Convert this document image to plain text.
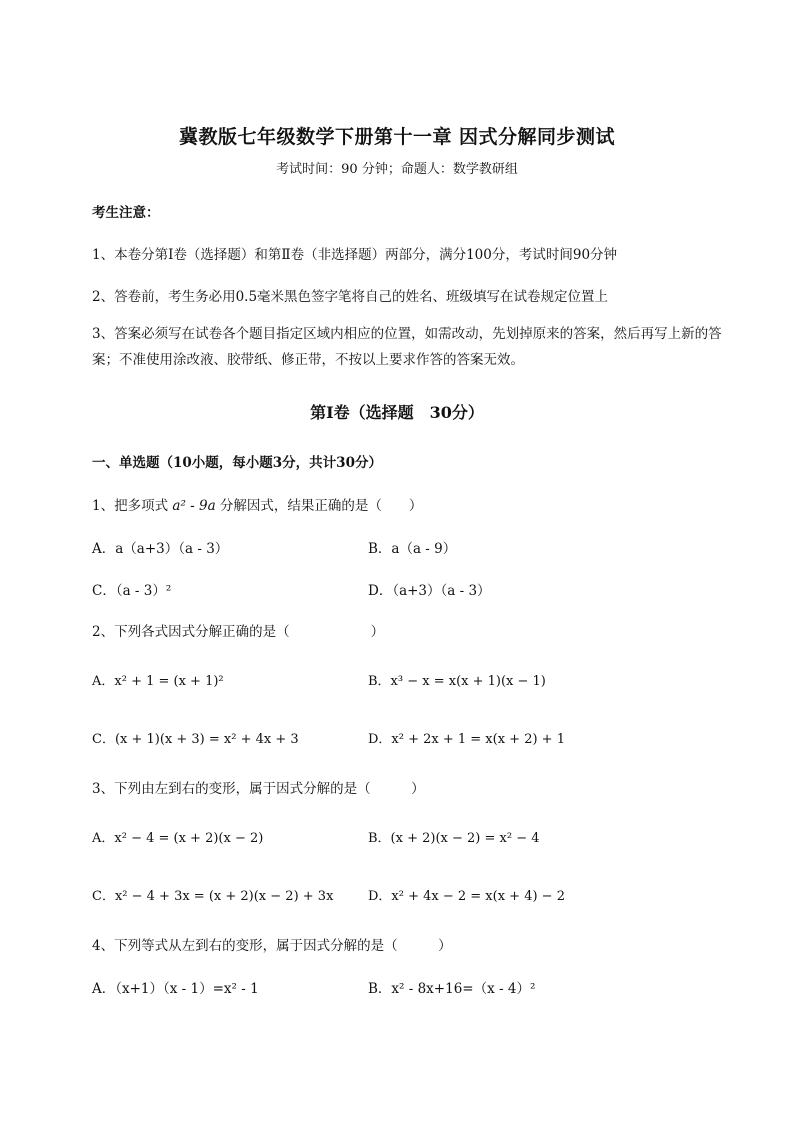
冀教版七年级数学下册第十一章 因式分解同步测试
考试时间：90 分钟；命题人：数学教研组
考生注意：
1、本卷分第Ⅰ卷（选择题）和第Ⅱ卷（非选择题）两部分，满分100分，考试时间90分钟
2、答卷前，考生务必用0.5毫米黑色签字笔将自己的姓名、班级填写在试卷规定位置上
3、答案必须写在试卷各个题目指定区域内相应的位置，如需改动，先划掉原来的答案，然后再写上新的答案；不准使用涂改液、胶带纸、修正带，不按以上要求作答的答案无效。
第Ⅰ卷（选择题　30分）
一、单选题（10小题，每小题3分，共计30分）
1、把多项式 a² - 9a 分解因式，结果正确的是（　　）
A．a（a+3）（a - 3）	B．a（a - 9）
C．（a - 3）²	D．（a+3）（a - 3）
2、下列各式因式分解正确的是（　　　　　　）
A．x² + 1 = (x + 1)²	B．x³ − x = x(x + 1)(x − 1)
C．(x + 1)(x + 3) = x² + 4x + 3	D．x² + 2x + 1 = x(x + 2) + 1
3、下列由左到右的变形，属于因式分解的是（　　　）
A．x² − 4 = (x + 2)(x − 2)	B．(x + 2)(x − 2) = x² − 4
C．x² − 4 + 3x = (x + 2)(x − 2) + 3x	D．x² + 4x − 2 = x(x + 4) − 2
4、下列等式从左到右的变形，属于因式分解的是（　　　）
A．（x+1）（x - 1）=x² - 1	B．x² - 8x+16=（x - 4）²
